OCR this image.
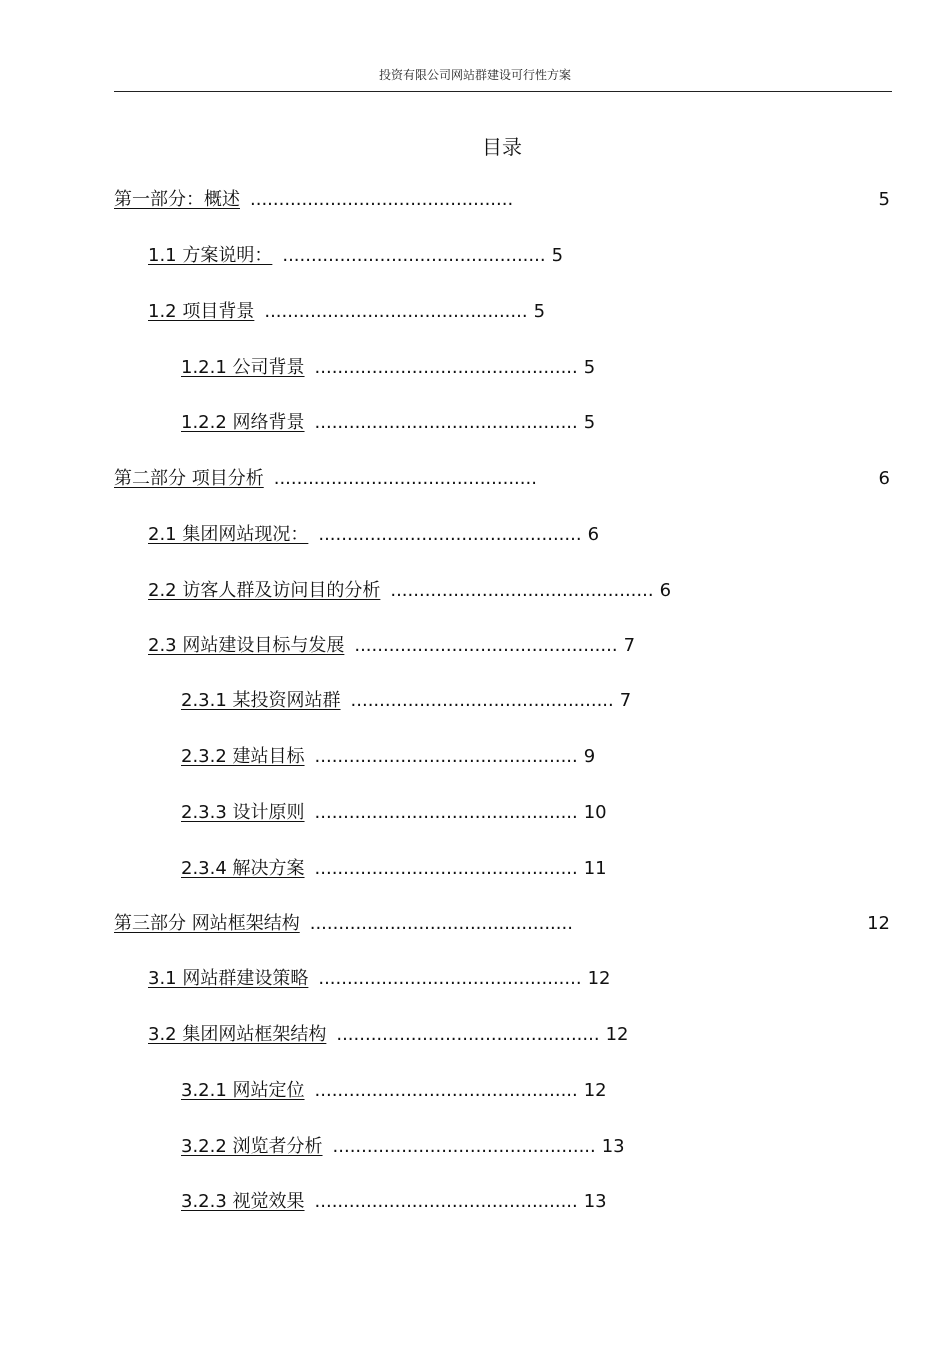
投资有限公司网站群建设可行性方案
目录
第一部分：概述 ..............................................	5
1.1 方案说明： .............................................. 5
1.2 项目背景 .............................................. 5
1.2.1 公司背景 .............................................. 5
1.2.2 网络背景 .............................................. 5
第二部分 项目分析 ..............................................	6
2.1 集团网站现况： .............................................. 6
2.2 访客人群及访问目的分析 .............................................. 6
2.3 网站建设目标与发展 .............................................. 7
2.3.1 某投资网站群 .............................................. 7
2.3.2 建站目标 .............................................. 9
2.3.3 设计原则 .............................................. 10
2.3.4 解决方案 .............................................. 11
第三部分 网站框架结构 ..............................................	12
3.1 网站群建设策略 .............................................. 12
3.2 集团网站框架结构 .............................................. 12
3.2.1 网站定位 .............................................. 12
3.2.2 浏览者分析 .............................................. 13
3.2.3 视觉效果 .............................................. 13
